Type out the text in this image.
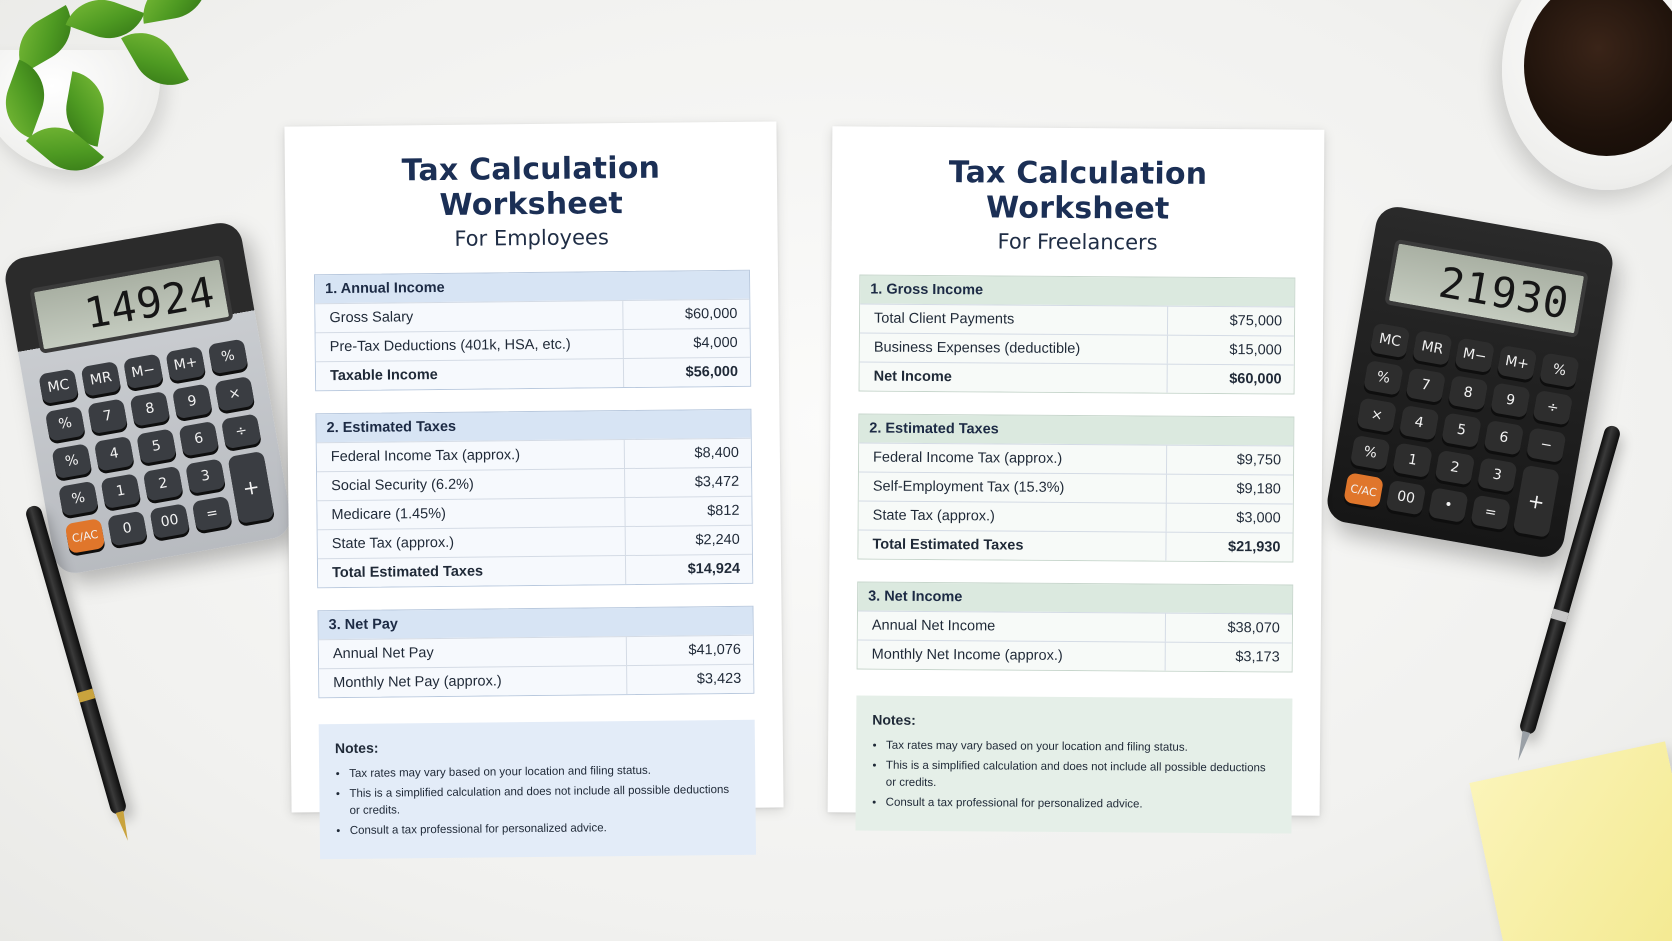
14924
MC	MR	M−	M+	%
%	7	8	9	×
%	4	5	6	÷
%	1	2	3	+
C/AC	0	00	=
21930
MC	MR	M−	M+	%
%	7	8	9	÷
×	4	5	6	−
%	1	2	3
+
C/AC	00	•	=
Tax Calculation Worksheet
For Employees
1. Annual Income
Gross Salary	$60,000
Pre-Tax Deductions (401k, HSA, etc.)	$4,000
Taxable Income	$56,000
2. Estimated Taxes
Federal Income Tax (approx.)	$8,400
Social Security (6.2%)	$3,472
Medicare (1.45%)	$812
State Tax (approx.)	$2,240
Total Estimated Taxes	$14,924
3. Net Pay
Annual Net Pay	$41,076
Monthly Net Pay (approx.)	$3,423
Notes:
• Tax rates may vary based on your location and filing status.
• This is a simplified calculation and does not include all possible deductions or credits.
• Consult a tax professional for personalized advice.
Tax Calculation Worksheet
For Freelancers
1. Gross Income
Total Client Payments	$75,000
Business Expenses (deductible)	$15,000
Net Income	$60,000
2. Estimated Taxes
Federal Income Tax (approx.)	$9,750
Self-Employment Tax (15.3%)	$9,180
State Tax (approx.)	$3,000
Total Estimated Taxes	$21,930
3. Net Income
Annual Net Income	$38,070
Monthly Net Income (approx.)	$3,173
Notes:
• Tax rates may vary based on your location and filing status.
• This is a simplified calculation and does not include all possible deductions or credits.
• Consult a tax professional for personalized advice.
